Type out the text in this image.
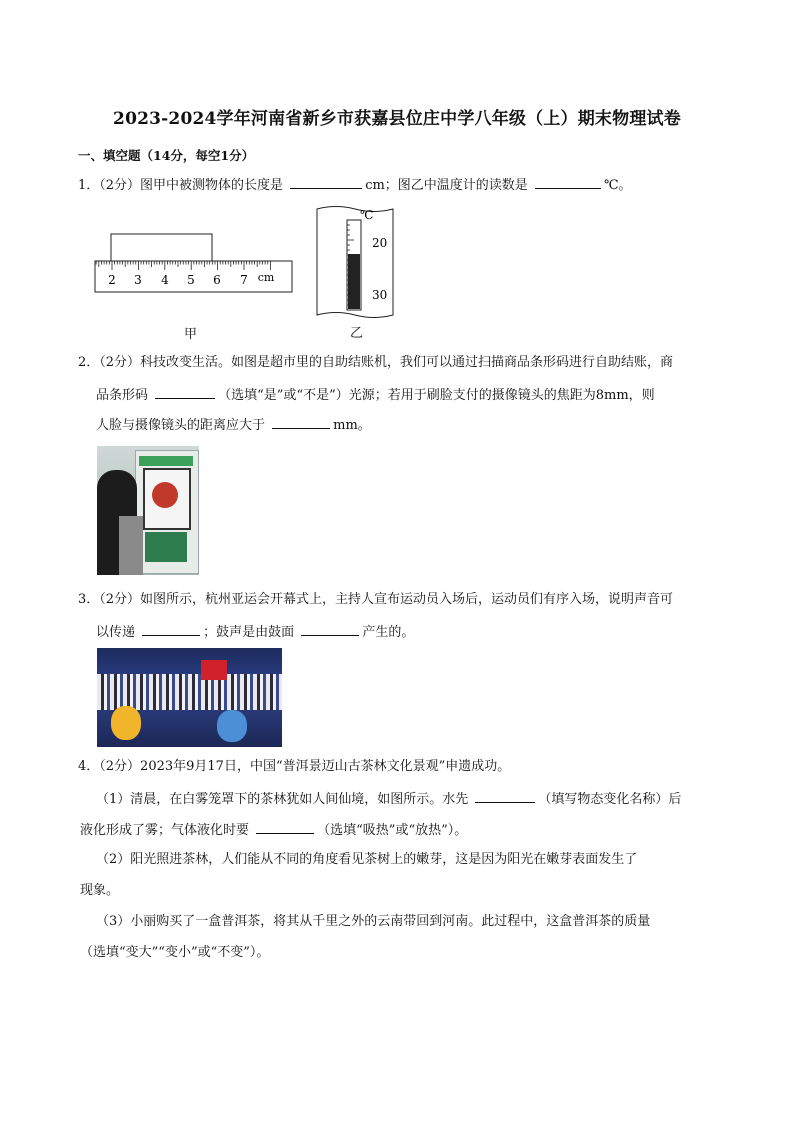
2023-2024学年河南省新乡市获嘉县位庄中学八年级（上）期末物理试卷
一、填空题（14分，每空1分）
1．（2分）图甲中被测物体的长度是	cm；图乙中温度计的读数是	℃。
2 3 4 5 6 7 cm
甲
℃
20
30
乙
2．（2分）科技改变生活。如图是超市里的自助结账机，我们可以通过扫描商品条形码进行自助结账，商
品条形码	（选填“是”或“不是”）光源；若用于刷脸支付的摄像镜头的焦距为8mm，则
人脸与摄像镜头的距离应大于	mm。
3．（2分）如图所示，杭州亚运会开幕式上，主持人宣布运动员入场后，运动员们有序入场，说明声音可
以传递	；鼓声是由鼓面	产生的。
4．（2分）2023年9月17日，中国“普洱景迈山古茶林文化景观”申遗成功。
（1）清晨，在白雾笼罩下的茶林犹如人间仙境，如图所示。水先	（填写物态变化名称）后
液化形成了雾；气体液化时要	（选填“吸热”或“放热”）。
（2）阳光照进茶林，人们能从不同的角度看见茶树上的嫩芽，这是因为阳光在嫩芽表面发生了
现象。
（3）小丽购买了一盒普洱茶，将其从千里之外的云南带回到河南。此过程中，这盒普洱茶的质量
（选填“变大”“变小”或“不变”）。
